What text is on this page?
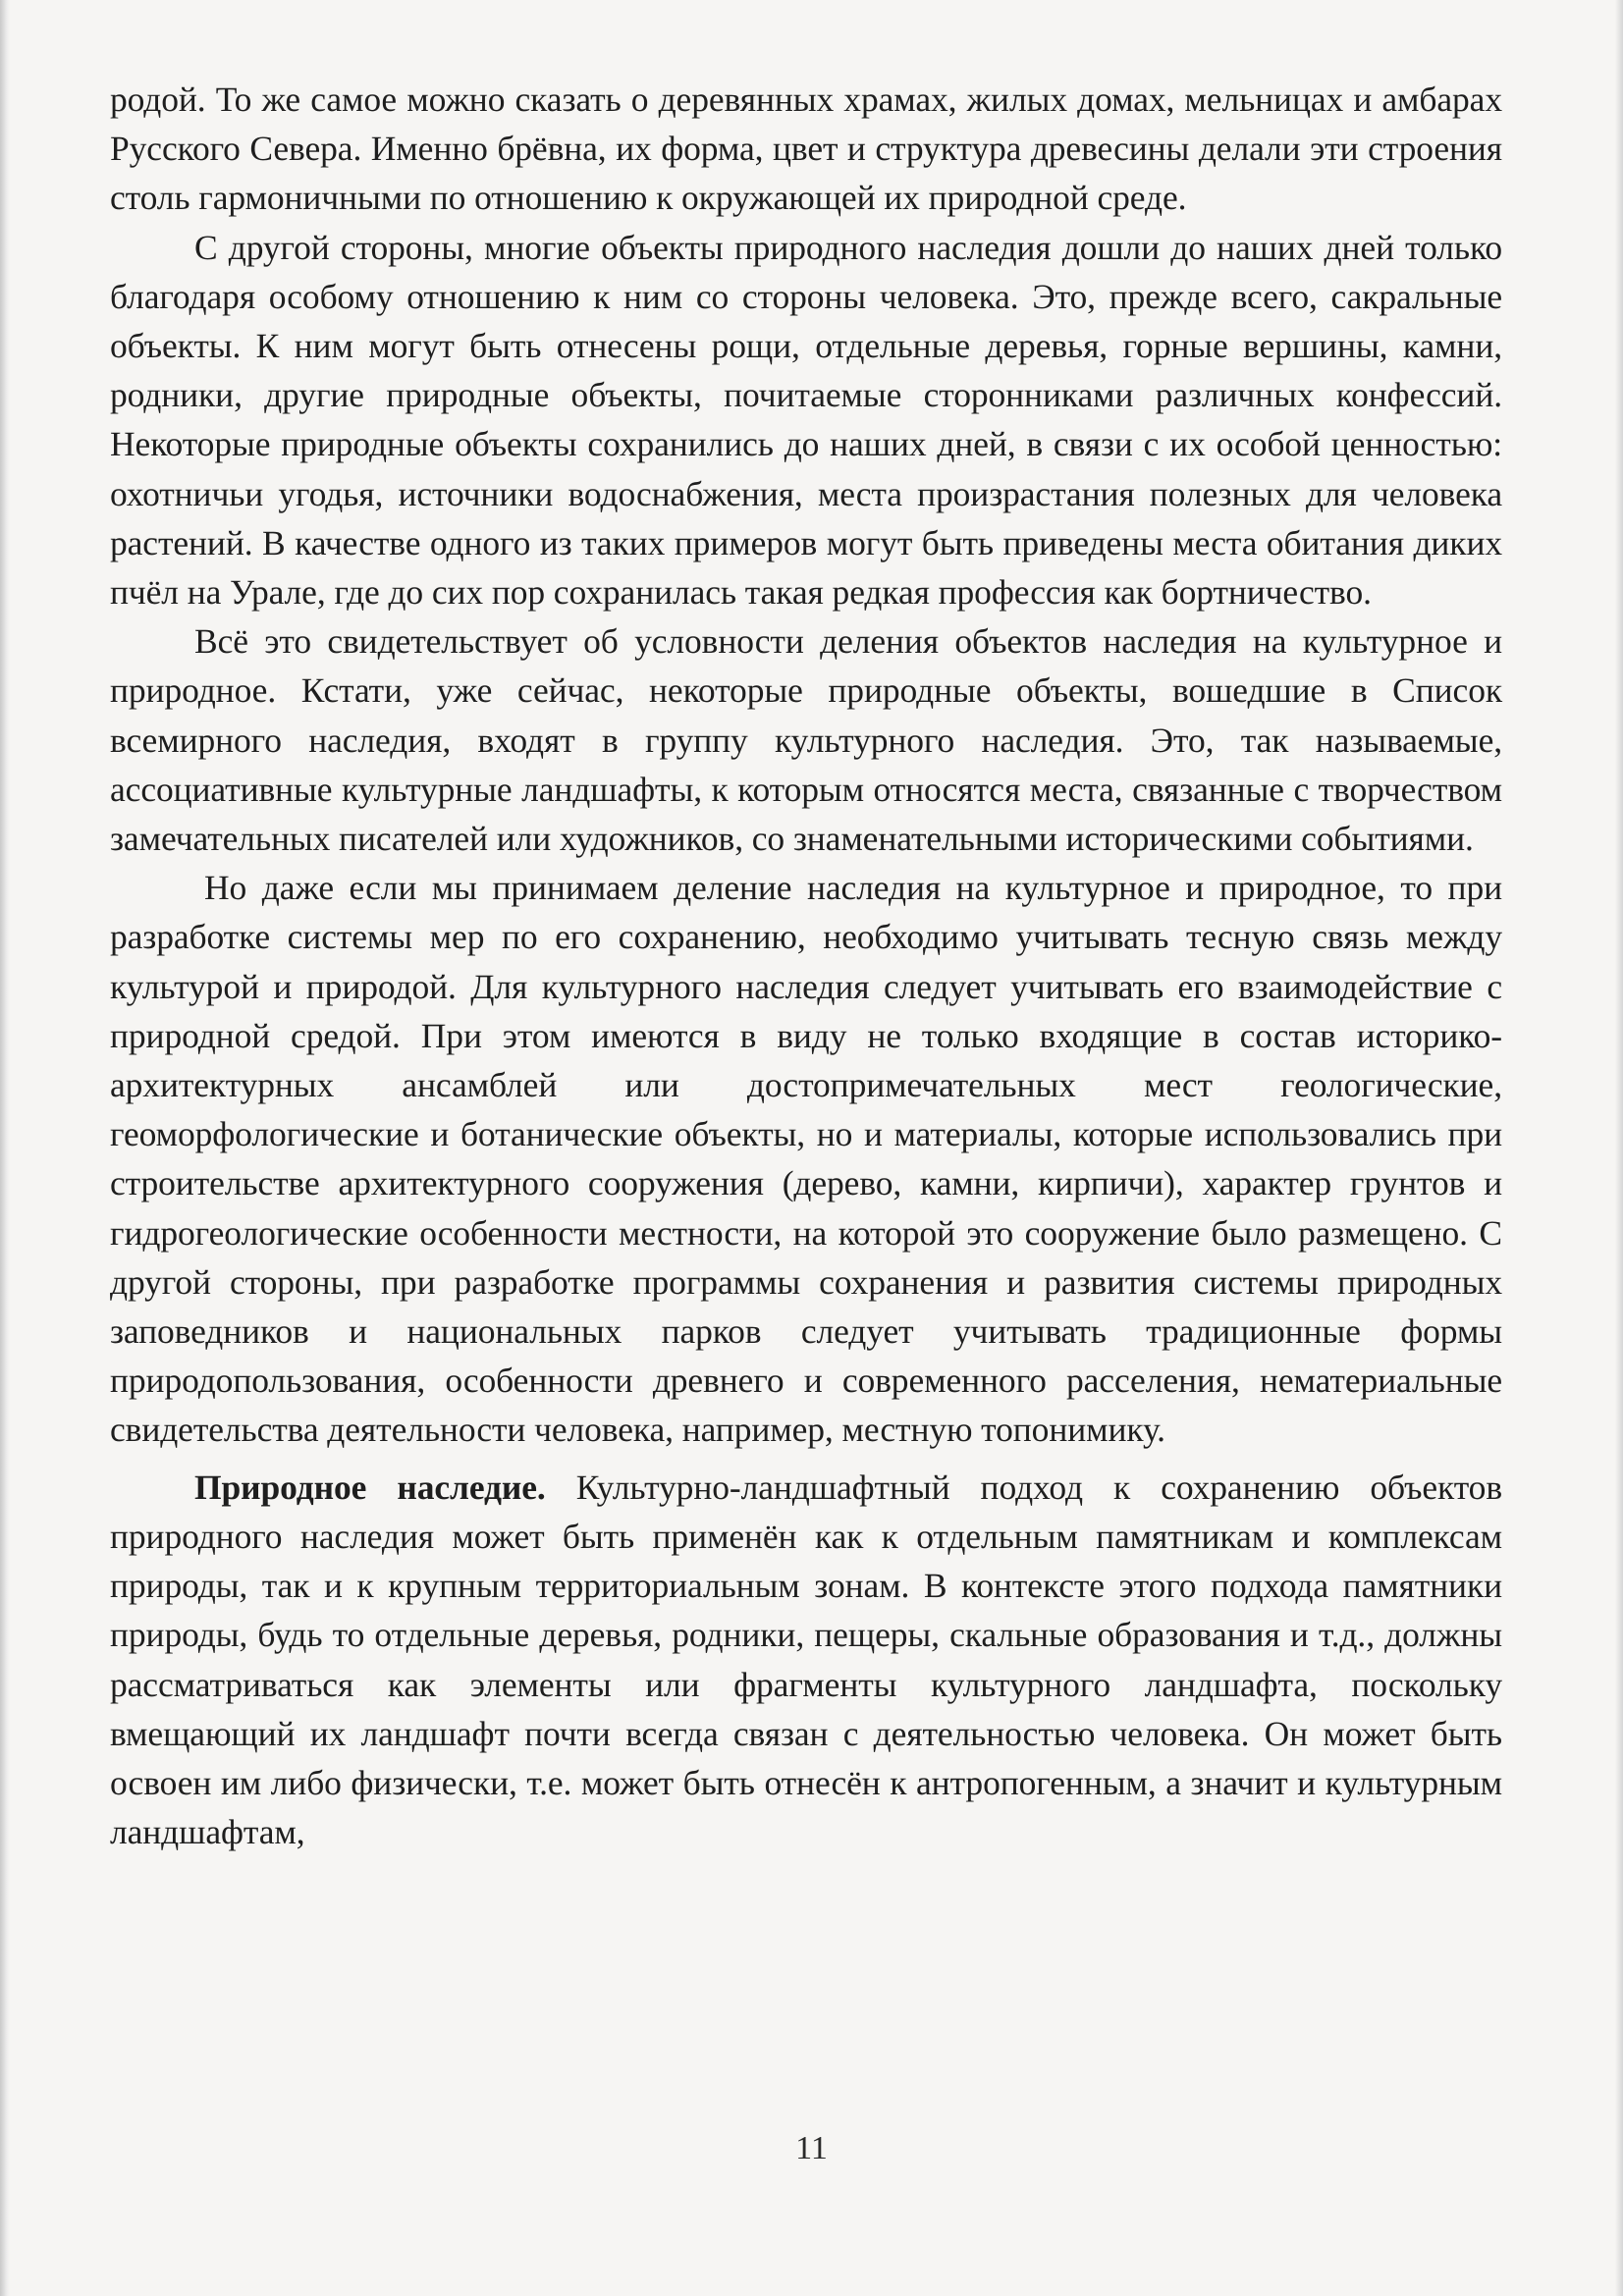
родой. То же самое можно сказать о деревянных храмах, жилых домах, мельницах и амбарах Русского Севера. Именно брёвна, их форма, цвет и структура древесины делали эти строения столь гармоничными по отношению к окружающей их природной среде.

С другой стороны, многие объекты природного наследия дошли до наших дней только благодаря особому отношению к ним со стороны человека. Это, прежде всего, сакральные объекты. К ним могут быть отнесены рощи, отдельные деревья, горные вершины, камни, родники, другие природные объекты, почитаемые сторонниками различных конфессий. Некоторые природные объекты сохранились до наших дней, в связи с их особой ценностью: охотничьи угодья, источники водоснабжения, места произрастания полезных для человека растений. В качестве одного из таких примеров могут быть приведены места обитания диких пчёл на Урале, где до сих пор сохранилась такая редкая профессия как бортничество.

Всё это свидетельствует об условности деления объектов наследия на культурное и природное. Кстати, уже сейчас, некоторые природные объекты, вошедшие в Список всемирного наследия, входят в группу культурного наследия. Это, так называемые, ассоциативные культурные ландшафты, к которым относятся места, связанные с творчеством замечательных писателей или художников, со знаменательными историческими событиями.

Но даже если мы принимаем деление наследия на культурное и природное, то при разработке системы мер по его сохранению, необходимо учитывать тесную связь между культурой и природой. Для культурного наследия следует учитывать его взаимодействие с природной средой. При этом имеются в виду не только входящие в состав историко-архитектурных ансамблей или достопримечательных мест геологические, геоморфологические и ботанические объекты, но и материалы, которые использовались при строительстве архитектурного сооружения (дерево, камни, кирпичи), характер грунтов и гидрогеологические особенности местности, на которой это сооружение было размещено. С другой стороны, при разработке программы сохранения и развития системы природных заповедников и национальных парков следует учитывать традиционные формы природопользования, особенности древнего и современного расселения, нематериальные свидетельства деятельности человека, например, местную топонимику.

Природное наследие. Культурно-ландшафтный подход к сохранению объектов природного наследия может быть применён как к отдельным памятникам и комплексам природы, так и к крупным территориальным зонам. В контексте этого подхода памятники природы, будь то отдельные деревья, родники, пещеры, скальные образования и т.д., должны рассматриваться как элементы или фрагменты культурного ландшафта, поскольку вмещающий их ландшафт почти всегда связан с деятельностью человека. Он может быть освоен им либо физически, т.е. может быть отнесён к антропогенным, а значит и культурным ландшафтам,

11
